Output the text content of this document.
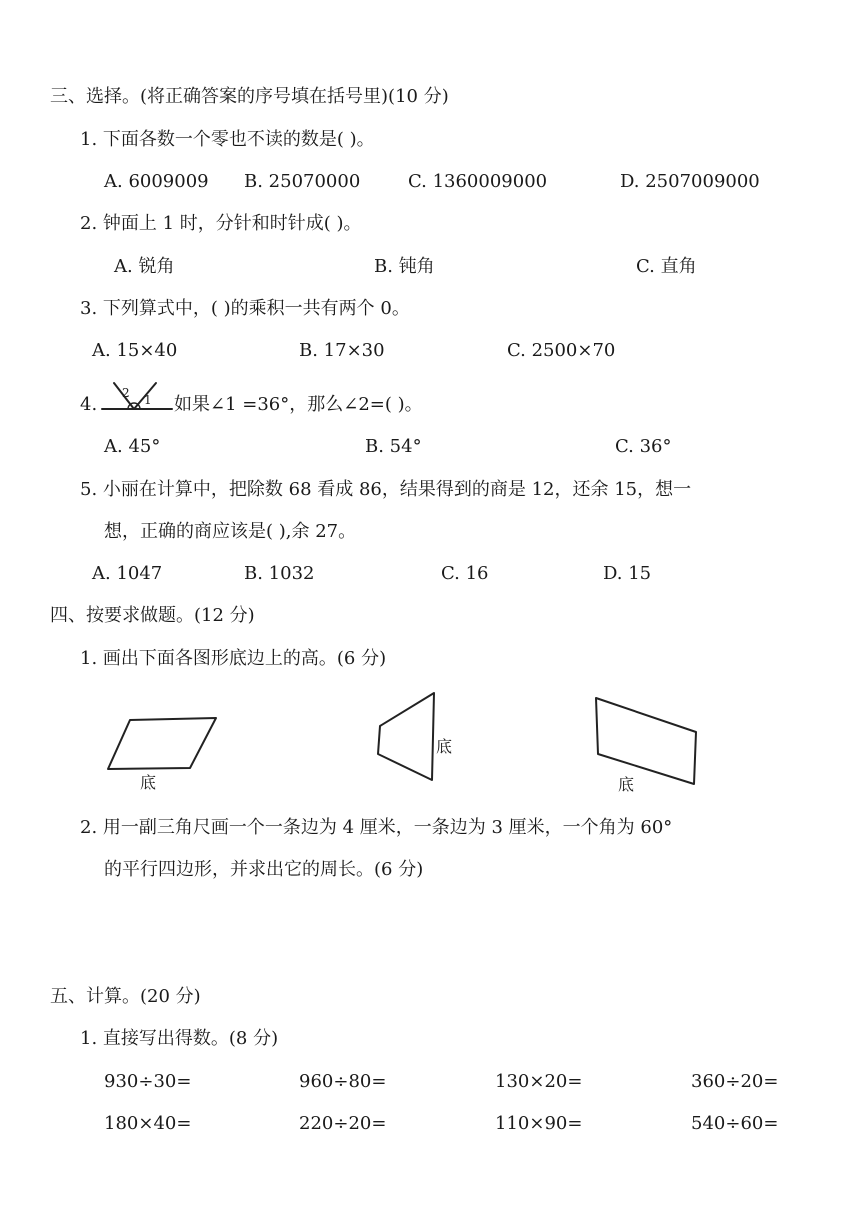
三、选择。(将正确答案的序号填在括号里)(10 分)
1. 下面各数一个零也不读的数是( )。
A. 6009009 B. 25070000	C. 1360009000	D. 2507009000
2. 钟面上 1 时，分针和时针成( )。
A. 锐角	B. 钝角	C. 直角
3. 下列算式中，( )的乘积一共有两个 0。
A. 15×40	B. 17×30	C. 2500×70
4.
2 1 如果∠1 =36°，那么∠2=( )。
A. 45°	B. 54°	C. 36°
5. 小丽在计算中，把除数 68 看成 86，结果得到的商是 12，还余 15，想一
想，正确的商应该是( ),余 27。
A. 1047	B. 1032	C. 16	D. 15
四、按要求做题。(12 分)
1. 画出下面各图形底边上的高。(6 分)
底
底
底
2. 用一副三角尺画一个一条边为 4 厘米，一条边为 3 厘米，一个角为 60°
的平行四边形，并求出它的周长。(6 分)
五、计算。(20 分)
1. 直接写出得数。(8 分)
930÷30=	960÷80=	130×20=	360÷20=
180×40=	220÷20=	110×90=	540÷60=
